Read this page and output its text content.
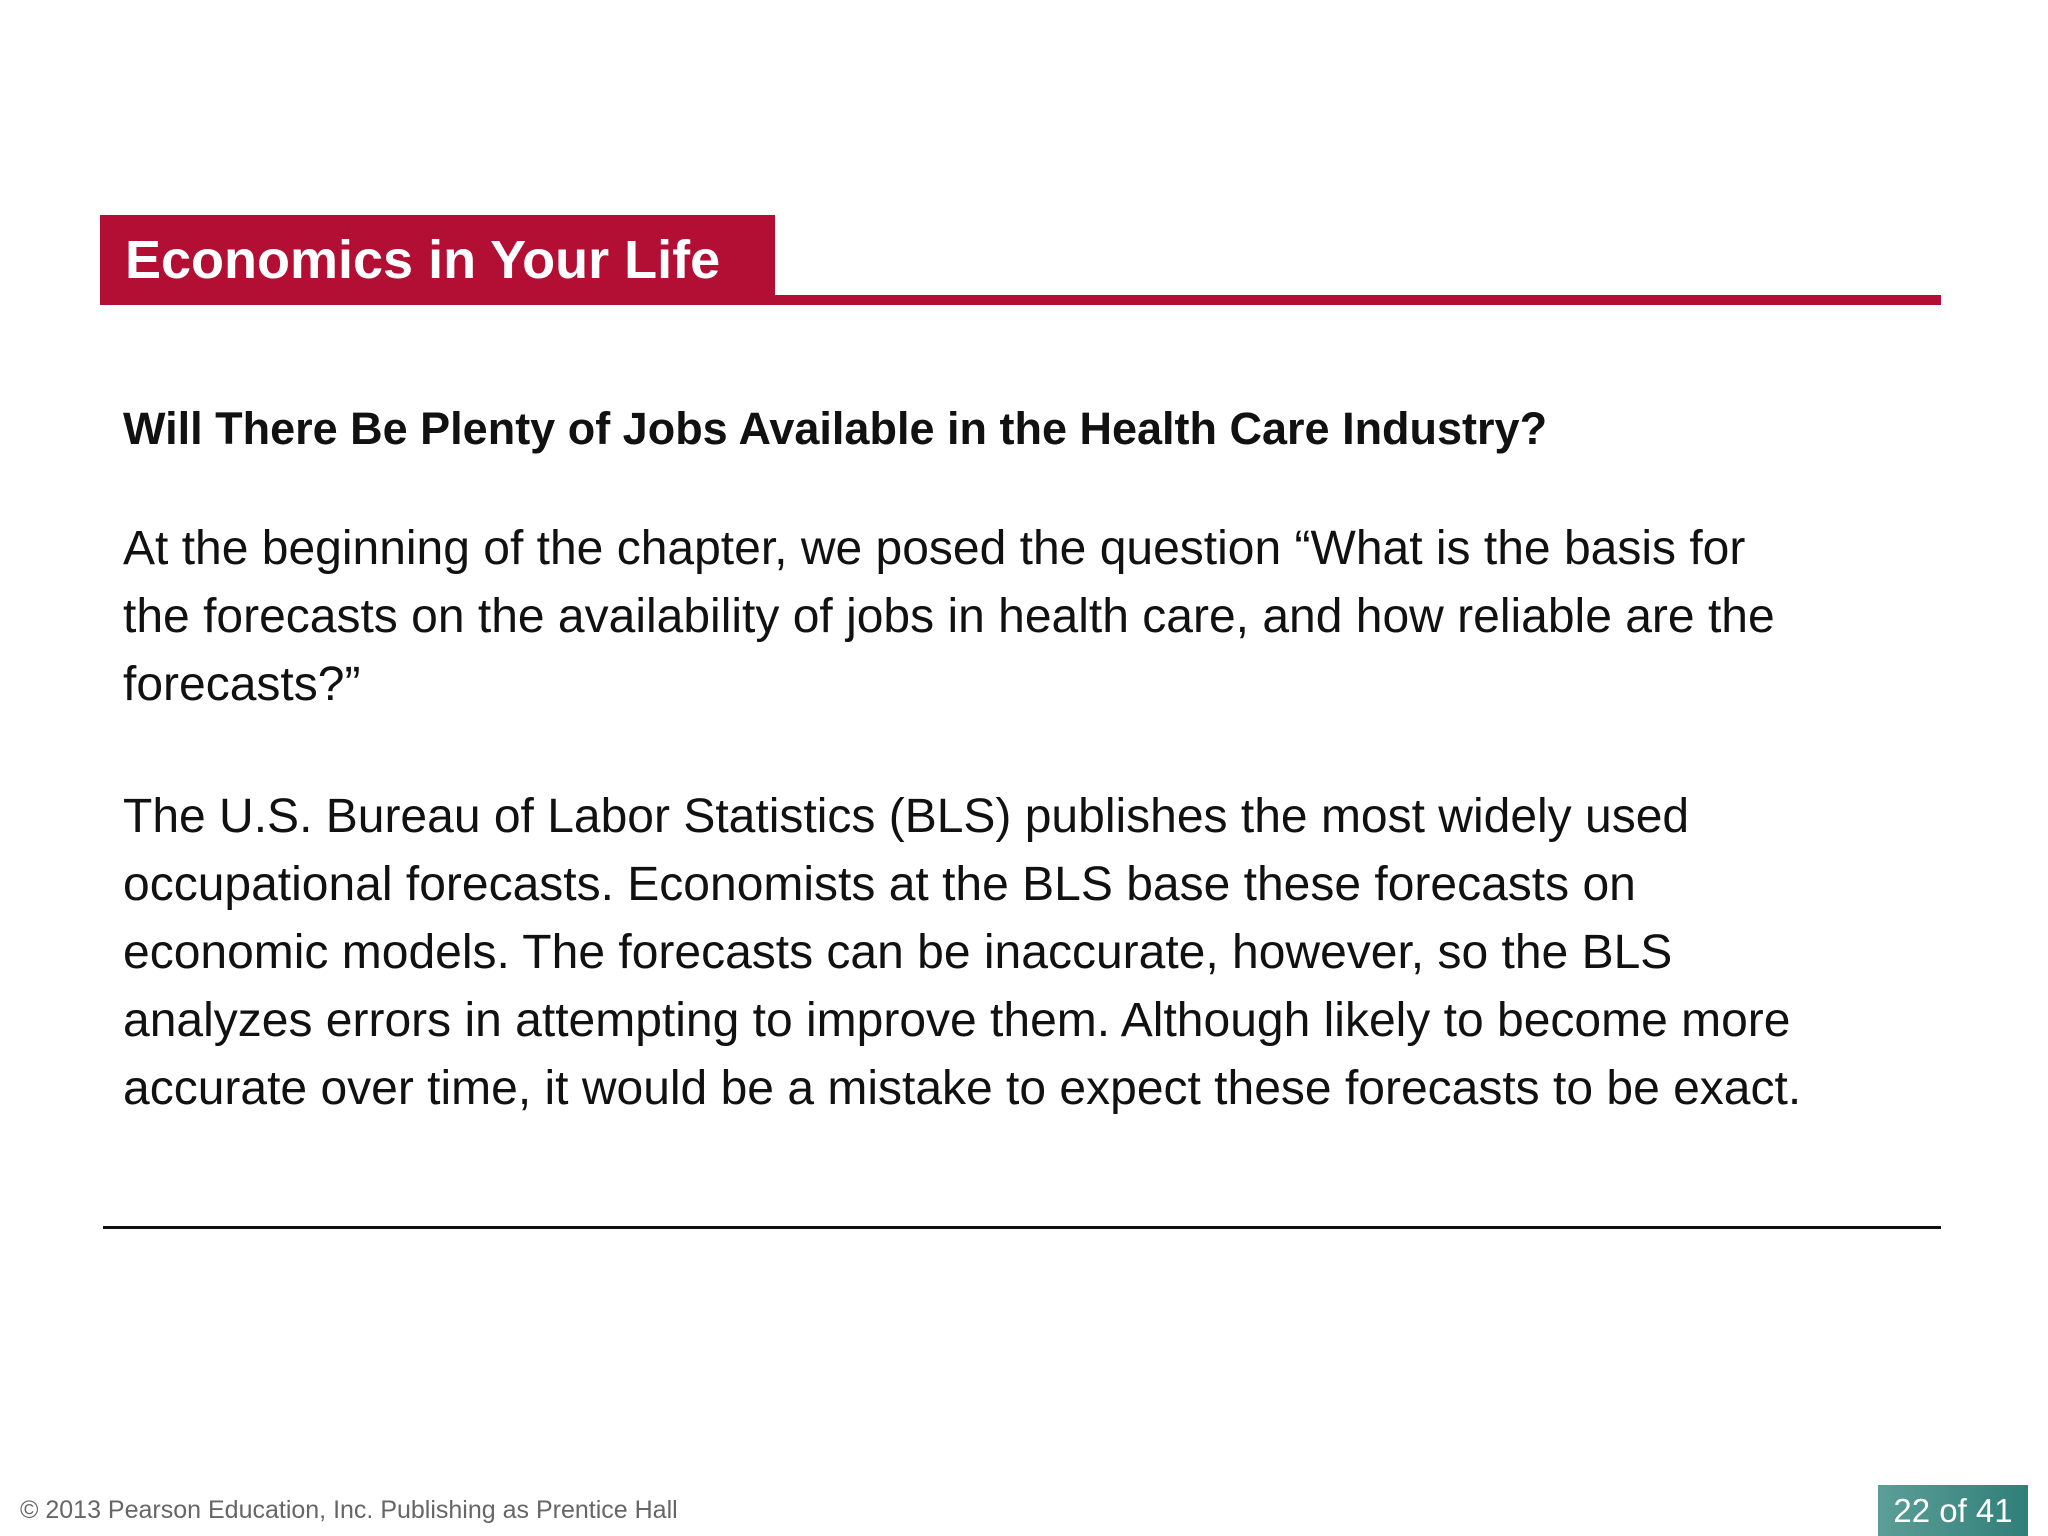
Economics in Your Life
Will There Be Plenty of Jobs Available in the Health Care Industry?
At the beginning of the chapter, we posed the question “What is the basis for
the forecasts on the availability of jobs in health care, and how reliable are the
forecasts?”
The U.S. Bureau of Labor Statistics (BLS) publishes the most widely used
occupational forecasts. Economists at the BLS base these forecasts on
economic models. The forecasts can be inaccurate, however, so the BLS
analyzes errors in attempting to improve them. Although likely to become more
accurate over time, it would be a mistake to expect these forecasts to be exact.
© 2013 Pearson Education, Inc. Publishing as Prentice Hall	22 of 41
